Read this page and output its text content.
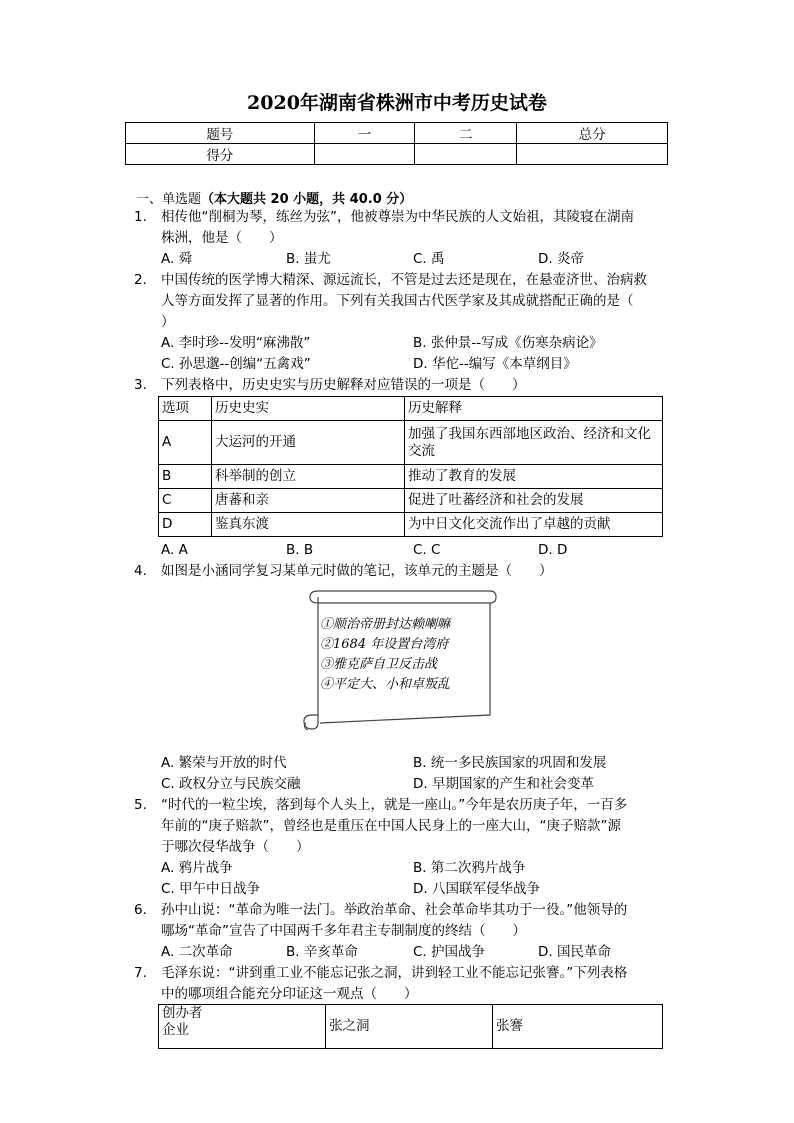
2020年湖南省株洲市中考历史试卷
题号	一	二	总分
得分			
一、单选题（本大题共 20 小题，共 40.0 分）
1.	相传他“削桐为琴，练丝为弦”，他被尊崇为中华民族的人文始祖，其陵寝在湖南
株洲，他是（　　）
A. 舜	B. 蚩尤	C. 禹	D. 炎帝
2.	中国传统的医学博大精深、源远流长，不管是过去还是现在，在悬壶济世、治病救
人等方面发挥了显著的作用。下列有关我国古代医学家及其成就搭配正确的是（
）
A. 李时珍--发明“麻沸散”	B. 张仲景--写成《伤寒杂病论》
C. 孙思邈--创编“五禽戏”	D. 华佗--编写《本草纲目》
3.	下列表格中，历史史实与历史解释对应错误的一项是（　　）
选项	历史史实	历史解释
A	大运河的开通	加强了我国东西部地区政治、经济和文化交流
B	科举制的创立	推动了教育的发展
C	唐蕃和亲	促进了吐蕃经济和社会的发展
D	鉴真东渡	为中日文化交流作出了卓越的贡献
A. A	B. B	C. C	D. D
4.	如图是小涵同学复习某单元时做的笔记，该单元的主题是（　　）
①顺治帝册封达赖喇嘛
②1684 年设置台湾府
③雅克萨自卫反击战
④平定大、小和卓叛乱
A. 繁荣与开放的时代	B. 统一多民族国家的巩固和发展
C. 政权分立与民族交融	D. 早期国家的产生和社会变革
5.	“时代的一粒尘埃，落到每个人头上，就是一座山。”今年是农历庚子年，一百多
年前的“庚子赔款”，曾经也是重压在中国人民身上的一座大山，“庚子赔款”源
于哪次侵华战争（　　）
A. 鸦片战争	B. 第二次鸦片战争
C. 甲午中日战争	D. 八国联军侵华战争
6.	孙中山说：“革命为唯一法门。举政治革命、社会革命毕其功于一役。”他领导的
哪场“革命”宣告了中国两千多年君主专制制度的终结（　　）
A. 二次革命	B. 辛亥革命	C. 护国战争	D. 国民革命
7.	毛泽东说：“讲到重工业不能忘记张之洞，讲到轻工业不能忘记张謇。”下列表格
中的哪项组合能充分印证这一观点（　　）
创办者
企业	张之洞	张謇
